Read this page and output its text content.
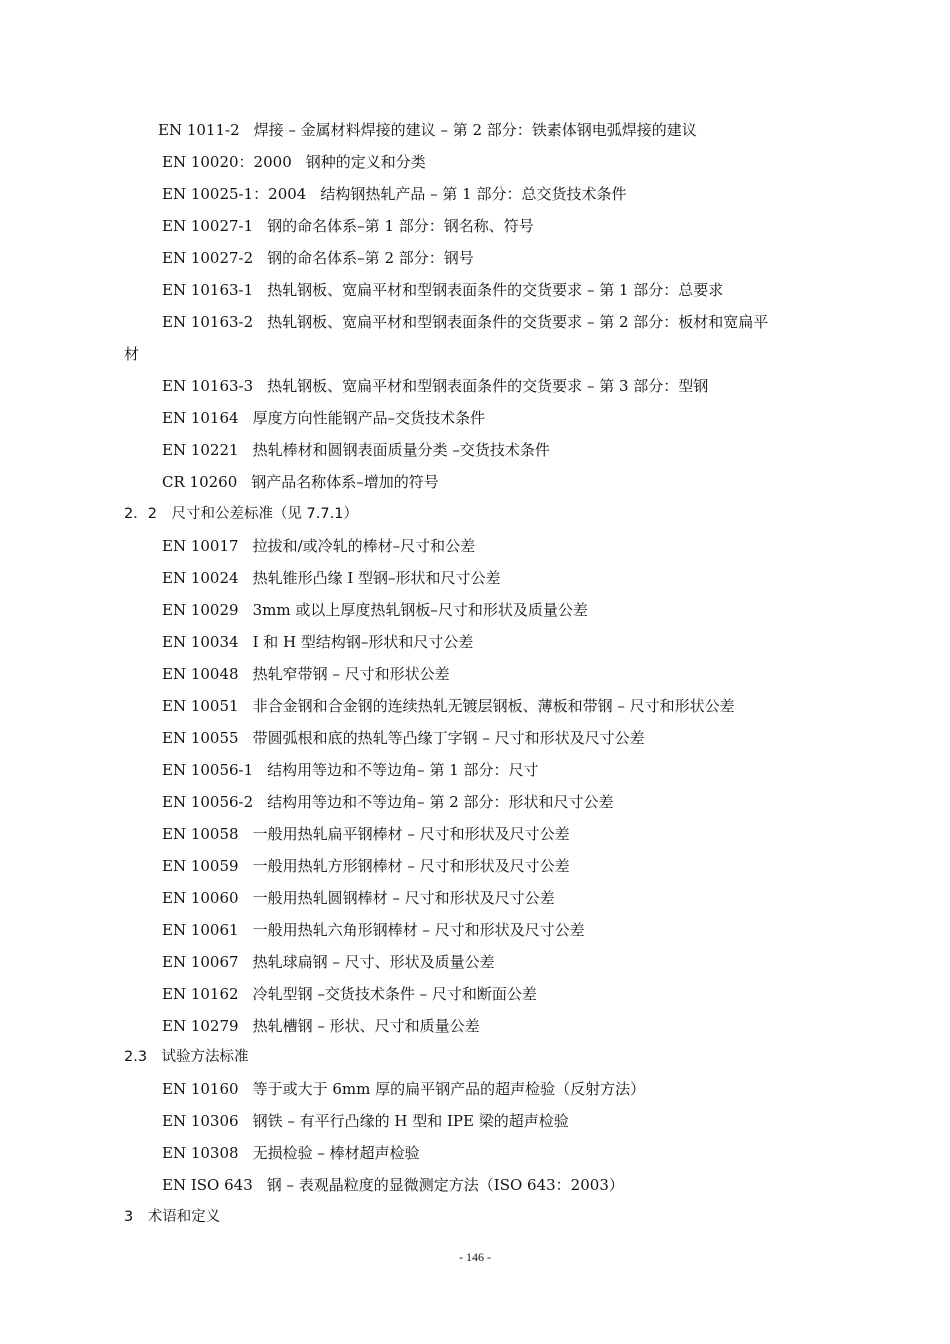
EN 1011-2 焊接 – 金属材料焊接的建议 – 第 2 部分：铁素体钢电弧焊接的建议
EN 10020：2000 钢种的定义和分类
EN 10025-1：2004 结构钢热轧产品 – 第 1 部分：总交货技术条件
EN 10027-1 钢的命名体系–第 1 部分：钢名称、符号
EN 10027-2 钢的命名体系–第 2 部分：钢号
EN 10163-1 热轧钢板、宽扁平材和型钢表面条件的交货要求 – 第 1 部分：总要求
EN 10163-2 热轧钢板、宽扁平材和型钢表面条件的交货要求 – 第 2 部分：板材和宽扁平
材
EN 10163-3 热轧钢板、宽扁平材和型钢表面条件的交货要求 – 第 3 部分：型钢
EN 10164 厚度方向性能钢产品–交货技术条件
EN 10221 热轧棒材和圆钢表面质量分类 –交货技术条件
CR 10260 钢产品名称体系–增加的符号
2．2　尺寸和公差标准（见 7.7.1）
EN 10017 拉拔和/或冷轧的棒材–尺寸和公差
EN 10024 热轧锥形凸缘 I 型钢–形状和尺寸公差
EN 10029 3mm 或以上厚度热轧钢板–尺寸和形状及质量公差
EN 10034 I 和 H 型结构钢–形状和尺寸公差
EN 10048 热轧窄带钢 – 尺寸和形状公差
EN 10051 非合金钢和合金钢的连续热轧无镀层钢板、薄板和带钢 – 尺寸和形状公差
EN 10055 带圆弧根和底的热轧等凸缘丁字钢 – 尺寸和形状及尺寸公差
EN 10056-1 结构用等边和不等边角– 第 1 部分：尺寸
EN 10056-2 结构用等边和不等边角– 第 2 部分：形状和尺寸公差
EN 10058 一般用热轧扁平钢棒材 – 尺寸和形状及尺寸公差
EN 10059 一般用热轧方形钢棒材 – 尺寸和形状及尺寸公差
EN 10060 一般用热轧圆钢棒材 – 尺寸和形状及尺寸公差
EN 10061 一般用热轧六角形钢棒材 – 尺寸和形状及尺寸公差
EN 10067 热轧球扁钢 – 尺寸、形状及质量公差
EN 10162 冷轧型钢 –交货技术条件 – 尺寸和断面公差
EN 10279 热轧槽钢 – 形状、尺寸和质量公差
2.3　试验方法标准
EN 10160 等于或大于 6mm 厚的扁平钢产品的超声检验（反射方法）
EN 10306 钢铁 – 有平行凸缘的 H 型和 IPE 梁的超声检验
EN 10308 无损检验 – 棒材超声检验
EN ISO 643 钢 – 表观晶粒度的显微测定方法（ISO 643：2003）
3　术语和定义
- 146 -
